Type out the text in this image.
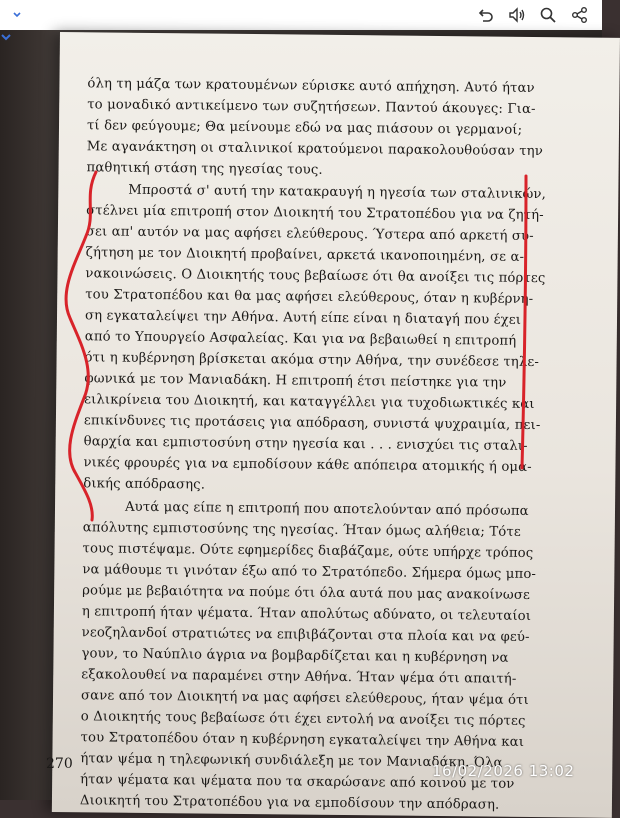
όλη τη μάζα των κρατουμένων εύρισκε αυτό απήχηση. Αυτό ήταν
το μοναδικό αντικείμενο των συζητήσεων. Παντού άκουγες: Για-
τί δεν φεύγουμε; Θα μείνουμε εδώ να μας πιάσουν οι γερμανοί;
Με αγανάκτηση οι σταλινικοί κρατούμενοι παρακολουθούσαν την
παθητική στάση της ηγεσίας τους.
Μπροστά σ' αυτή την κατακραυγή η ηγεσία των σταλινικών,
στέλνει μία επιτροπή στον Διοικητή του Στρατοπέδου για να ζητή-
σει απ' αυτόν να μας αφήσει ελεύθερους. Ύστερα από αρκετή συ-
ζήτηση με τον Διοικητή προβαίνει, αρκετά ικανοποιημένη, σε α-
νακοινώσεις. Ο Διοικητής τους βεβαίωσε ότι θα ανοίξει τις πόρτες
του Στρατοπέδου και θα μας αφήσει ελεύθερους, όταν η κυβέρνη-
ση εγκαταλείψει την Αθήνα. Αυτή είπε είναι η διαταγή που έχει
από το Υπουργείο Ασφαλείας. Και για να βεβαιωθεί η επιτροπή
ότι η κυβέρνηση βρίσκεται ακόμα στην Αθήνα, την συνέδεσε τηλε-
φωνικά με τον Μανιαδάκη. Η επιτροπή έτσι πείστηκε για την
ειλικρίνεια του Διοικητή, και καταγγέλλει για τυχοδιωκτικές και
επικίνδυνες τις προτάσεις για απόδραση, συνιστά ψυχραιμία, πει-
θαρχία και εμπιστοσύνη στην ηγεσία και . . . ενισχύει τις σταλι-
νικές φρουρές για να εμποδίσουν κάθε απόπειρα ατομικής ή ομα-
δικής απόδρασης.
Αυτά μας είπε η επιτροπή που αποτελούνταν από πρόσωπα
απόλυτης εμπιστοσύνης της ηγεσίας. Ήταν όμως αλήθεια; Τότε
τους πιστέψαμε. Ούτε εφημερίδες διαβάζαμε, ούτε υπήρχε τρόπος
να μάθουμε τι γινόταν έξω από το Στρατόπεδο. Σήμερα όμως μπο-
ρούμε με βεβαιότητα να πούμε ότι όλα αυτά που μας ανακοίνωσε
η επιτροπή ήταν ψέματα. Ήταν απολύτως αδύνατο, οι τελευταίοι
νεοζηλανδοί στρατιώτες να επιβιβάζονται στα πλοία και να φεύ-
γουν, το Ναύπλιο άγρια να βομβαρδίζεται και η κυβέρνηση να
εξακολουθεί να παραμένει στην Αθήνα. Ήταν ψέμα ότι απαιτή-
σανε από τον Διοικητή να μας αφήσει ελεύθερους, ήταν ψέμα ότι
ο Διοικητής τους βεβαίωσε ότι έχει εντολή να ανοίξει τις πόρτες
του Στρατοπέδου όταν η κυβέρνηση εγκαταλείψει την Αθήνα και
ήταν ψέμα η τηλεφωνική συνδιάλεξη με τον Μανιαδάκη. Όλα
ήταν ψέματα και ψέματα που τα σκαρώσανε από κοινού με τον
Διοικητή του Στρατοπέδου για να εμποδίσουν την απόδραση.
270	16/02/2026 13:02
